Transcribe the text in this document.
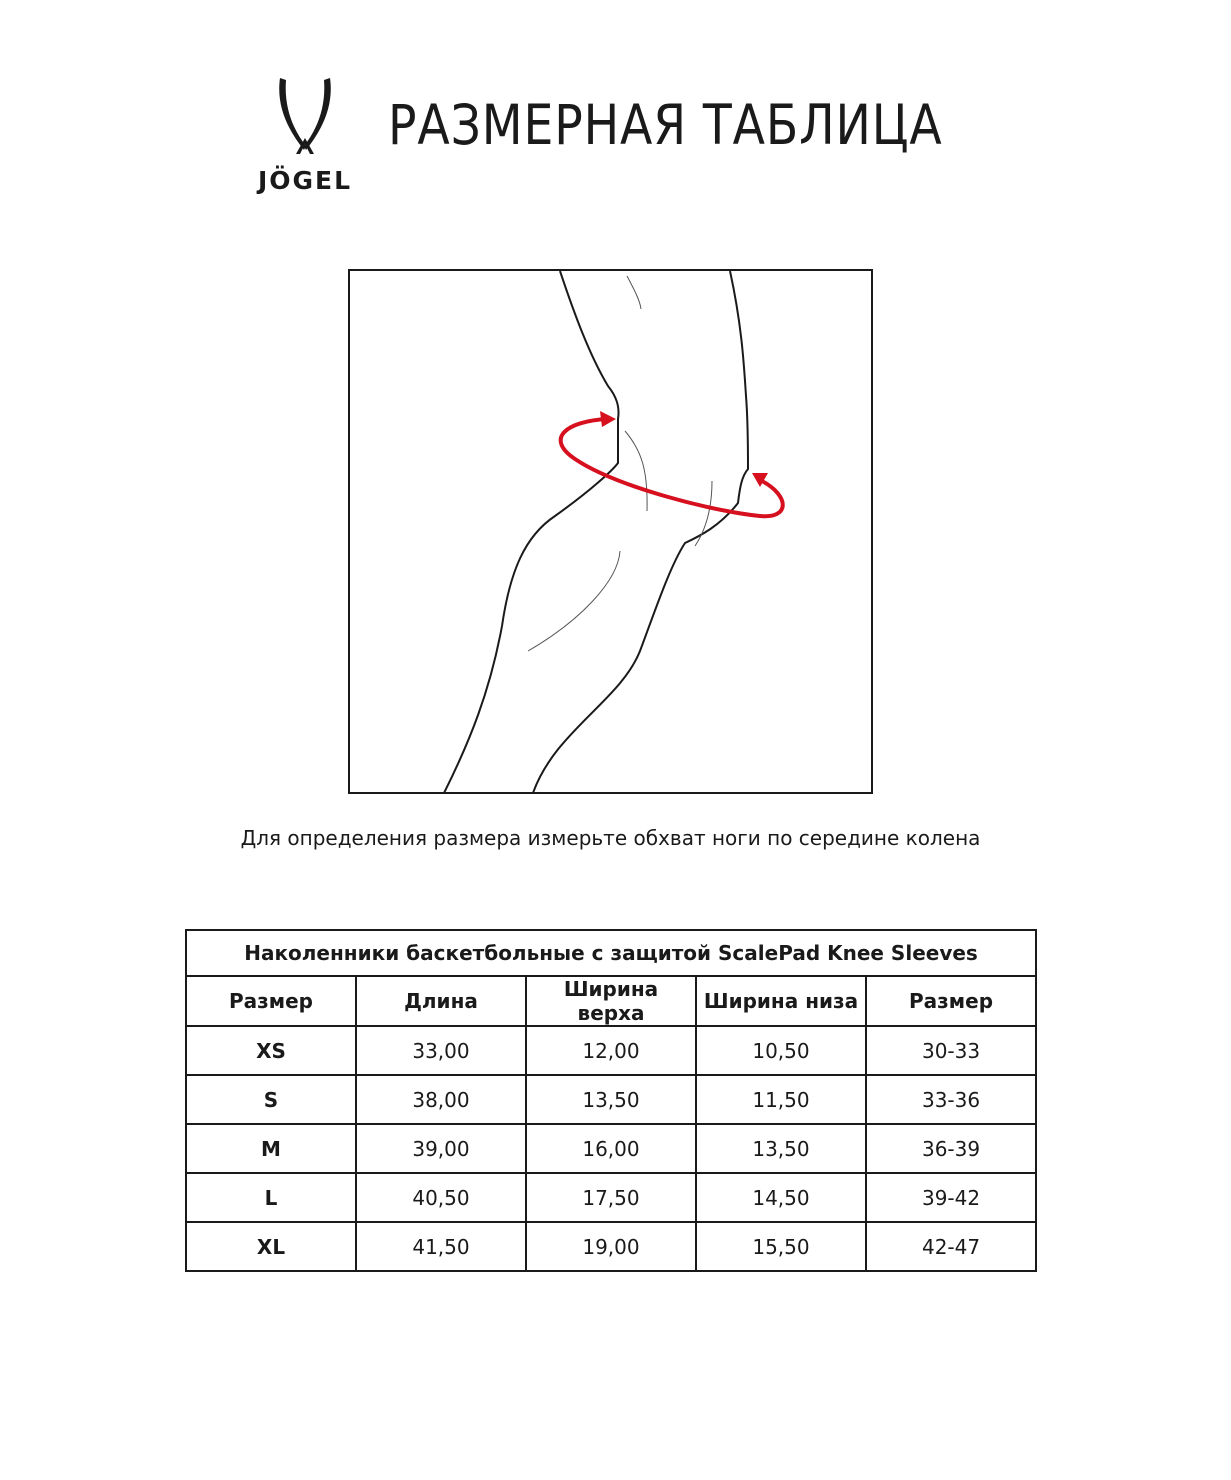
JÖGEL
РАЗМЕРНАЯ ТАБЛИЦА
Для определения размера измерьте обхват ноги по середине колена
Наколенники баскетбольные с защитой ScalePad Knee Sleeves				
Размер	Длина	Ширина верха	Ширина низа	Размер
XS	33,00	12,00	10,50	30-33
S	38,00	13,50	11,50	33-36
M	39,00	16,00	13,50	36-39
L	40,50	17,50	14,50	39-42
XL	41,50	19,00	15,50	42-47
